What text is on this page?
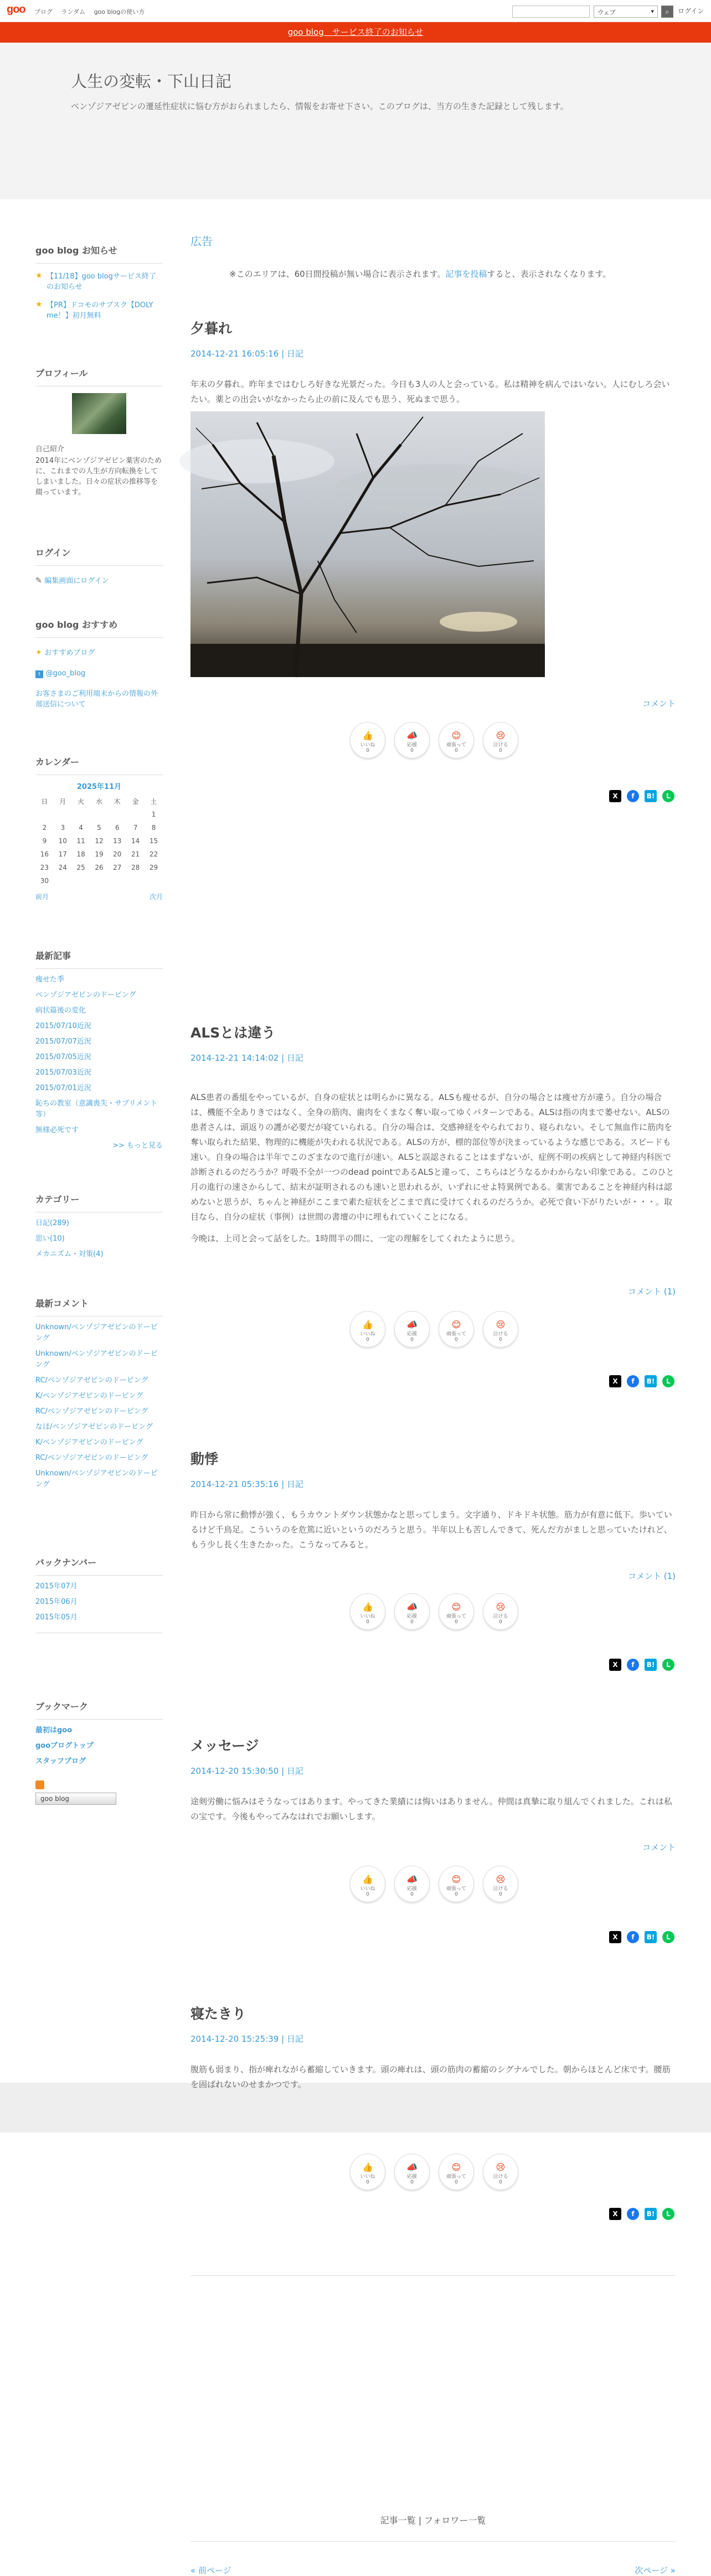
goo ブログ ランダム goo blogの使い方	ウェブ ▾	⌕	ログイン
goo blog　サービス終了のお知らせ
人生の変転・下山日記
ベンゾジアゼピンの遷延性症状に悩む方がおられましたら、情報をお寄せ下さい。このブログは、当方の生きた記録として残します。
goo blog お知らせ
★ 【11/18】goo blogサービス終了のお知らせ
★ 【PR】ドコモのサブスク【DOLY me！】初月無料
プロフィール
自己紹介
2014年にベンゾジアゼピン薬害のために、これまでの人生が方向転換をしてしまいました。日々の症状の推移等を綴っています。
ログイン
✎ 編集画面にログイン
goo blog おすすめ
✦ おすすめブログ
t @goo_blog
お客さまのご利用端末からの情報の外部送信について
カレンダー
2025年11月
日	月	火	水	木	金	土
						1
2	3	4	5	6	7	8
9	10	11	12	13	14	15
16	17	18	19	20	21	22
23	24	25	26	27	28	29
30						
前月	次月
最新記事
痩せた季
ベンゾジアゼピンのドーピング
病状篇後の変化
2015/07/10近況
2015/07/07近況
2015/07/05近況
2015/07/03近況
2015/07/01近況
恥ちの教室（意識喪失・サブリメント等）
無様必死です
>> もっと見る
カテゴリー
日記(289)
思い(10)
メカニズム・対策(4)
最新コメント
Unknown/ベンゾジアゼピンのドーピング
Unknown/ベンゾジアゼピンのドーピング
RC/ベンゾジアゼピンのドーピング
K/ベンゾジアゼピンのドーピング
RC/ベンゾジアゼピンのドーピング
なほ/ベンゾジアゼピンのドーピング
K/ベンゾジアゼピンのドーピング
RC/ベンゾジアゼピンのドーピング
Unknown/ベンゾジアゼピンのドーピング
バックナンバー
2015年07月
2015年06月
2015年05月
ブックマーク
最初はgoo
gooブログトップ
スタッフブログ
goo blog
広告
※このエリアは、60日間投稿が無い場合に表示されます。記事を投稿すると、表示されなくなります。
夕暮れ
2014-12-21 16:05:16 | 日記
年末の夕暮れ。昨年まではむしろ好きな光景だった。今日も3人の人と会っている。私は精神を病んではいない。人にむしろ会いたい。薬との出会いがなかったら止の前に及んでも思う、死ぬまで思う。
コメント
👍
いいね
0
📣
応援
0
😊
頑張って
0
😢
泣ける
0
X	f	B!	L
ALSとは違う
2014-12-21 14:14:02 | 日記
ALS患者の番組をやっているが、自身の症状とは明らかに異なる。ALSも瘦せるが、自分の場合とは痩せ方が違う。自分の場合は、機能不全ありきではなく、全身の筋肉、歯肉をくまなく奪い取ってゆくパターンである。ALSは指の肉まで萎せない。ALSの患者さんは、頭返りの護が必要だが寝ていられる。自分の場合は、交感神経をやられており、寝られない。そして無血作に筋肉を奪い取られた結果、物理的に機能が失われる状況である。ALSの方が、標的部位等が決まっているような感じである。スピードも速い。自身の場合は半年でこのざまなので進行が速い。ALSと誤認されることはまずないが、症例不明の疾病として神経内科医で診断されるのだろうか？呼吸不全が一つのdead pointであるALSと違って、こちらはどうなるかわからない印象である。このひと月の進行の速さからして、結末が証明されるのも速いと思われるが、いずれにせよ特異例である。薬害であることを神経内科は認めないと思うが、ちゃんと神経がここまで素た症状をどこまで真に受けてくれるのだろうか。必死で食い下がりたいが・・・。取目なら、自分の症状（事例）は世間の書壇の中に埋もれていくことになる。
今晩は、上司と会って話をした。1時間半の間に、一定の理解をしてくれたように思う。
コメント (1)
👍
いいね
0
📣
応援
0
😊
頑張って
0
😢
泣ける
0
X	f	B!	L
動悸
2014-12-21 05:35:16 | 日記
昨日から常に動悸が強く、もうカウントダウン状態かなと思ってしまう。文字通り、ドキドキ状態。筋力が有意に低下。歩いているけど千鳥足。こういうのを危篤に近いというのだろうと思う。半年以上も苦しんできて、死んだ方がましと思っていたけれど、もう少し長く生きたかった。こうなってみると。
コメント (1)
👍
いいね
0
📣
応援
0
😊
頑張って
0
😢
泣ける
0
X	f	B!	L
メッセージ
2014-12-20 15:30:50 | 日記
途剣労働に悩みはそうなってはあります。やってきた業績には悔いはありません。仲間は真摯に取り組んでくれました。これは私の宝です。今後もやってみなはれでお願いします。
コメント
👍
いいね
0
📣
応援
0
😊
頑張って
0
😢
泣ける
0
X	f	B!	L
寝たきり
2014-12-20 15:25:39 | 日記
腹筋も弱まり、指が痺れながら蓄縮していきます。頭の痺れは、頭の筋肉の蓄縮のシグナルでした。朝からほとんど床です。腰筋を固ばれないのせまかつです。
👍
いいね
0
📣
応援
0
😊
頑張って
0
😢
泣ける
0
X	f	B!	L
記事一覧 | フォロワー一覧
« 前ページ	次ページ »
